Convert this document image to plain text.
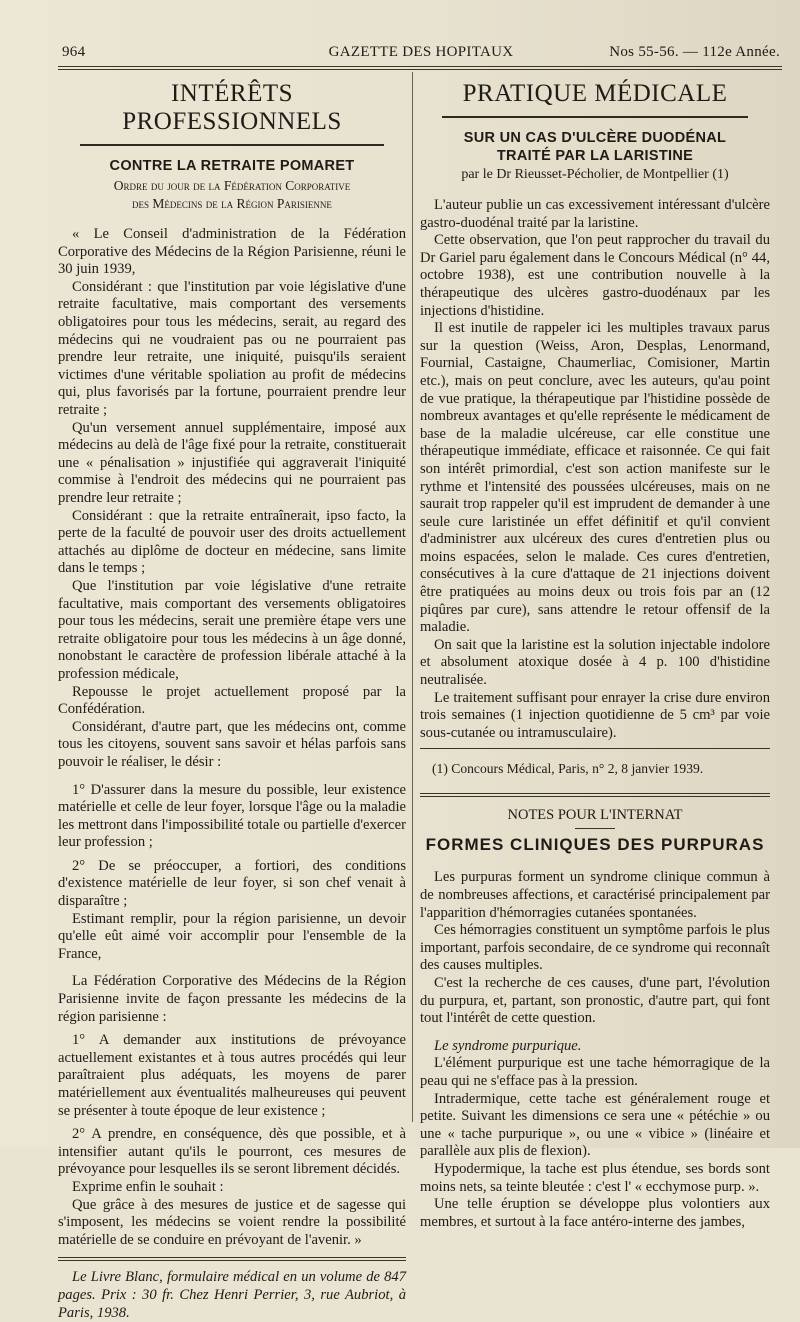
964	GAZETTE DES HOPITAUX	Nos 55-56. — 112e Année.
INTÉRÊTS PROFESSIONNELS
CONTRE LA RETRAITE POMARET
Ordre du jour de la Fédération Corporative
des Médecins de la Région Parisienne

« Le Conseil d'administration de la Fédération Corporative des Médecins de la Région Parisienne, réuni le 30 juin 1939,

Considérant : que l'institution par voie législative d'une retraite facultative, mais comportant des versements obligatoires pour tous les médecins, serait, au regard des médecins qui ne voudraient pas ou ne pourraient pas prendre leur retraite, une iniquité, puisqu'ils seraient victimes d'une véritable spoliation au profit de médecins qui, plus favorisés par la fortune, pourraient prendre leur retraite ;

Qu'un versement annuel supplémentaire, imposé aux médecins au delà de l'âge fixé pour la retraite, constituerait une « pénalisation » injustifiée qui aggraverait l'iniquité commise à l'endroit des médecins qui ne pourraient pas prendre leur retraite ;

Considérant : que la retraite entraînerait, ipso facto, la perte de la faculté de pouvoir user des droits actuellement attachés au diplôme de docteur en médecine, sans limite dans le temps ;

Que l'institution par voie législative d'une retraite facultative, mais comportant des versements obligatoires pour tous les médecins, serait une première étape vers une retraite obligatoire pour tous les médecins à un âge donné, nonobstant le caractère de profession libérale attaché à la profession médicale,

Repousse le projet actuellement proposé par la Confédération.

Considérant, d'autre part, que les médecins ont, comme tous les citoyens, souvent sans savoir et hélas parfois sans pouvoir le réaliser, le désir :

1° D'assurer dans la mesure du possible, leur existence matérielle et celle de leur foyer, lorsque l'âge ou la maladie les mettront dans l'impossibilité totale ou partielle d'exercer leur profession ;

2° De se préoccuper, a fortiori, des conditions d'existence matérielle de leur foyer, si son chef venait à disparaître ;

Estimant remplir, pour la région parisienne, un devoir qu'elle eût aimé voir accomplir pour l'ensemble de la France,

La Fédération Corporative des Médecins de la Région Parisienne invite de façon pressante les médecins de la région parisienne :

1° A demander aux institutions de prévoyance actuellement existantes et à tous autres procédés qui leur paraîtraient plus adéquats, les moyens de parer matériellement aux éventualités malheureuses qui peuvent se présenter à toute époque de leur existence ;

2° A prendre, en conséquence, dès que possible, et à intensifier autant qu'ils le pourront, ces mesures de prévoyance pour lesquelles ils se seront librement décidés.

Exprime enfin le souhait :

Que grâce à des mesures de justice et de sagesse qui s'imposent, les médecins se voient rendre la possibilité matérielle de se conduire en prévoyant de l'avenir. »

Le Livre Blanc, formulaire médical en un volume de 847 pages. Prix : 30 fr. Chez Henri Perrier, 3, rue Aubriot, à Paris, 1938.

PRATIQUE MÉDICALE
SUR UN CAS D'ULCÈRE DUODÉNAL
TRAITÉ PAR LA LARISTINE
par le Dr Rieusset-Pécholier, de Montpellier (1)

L'auteur publie un cas excessivement intéressant d'ulcère gastro-duodénal traité par la laristine.

Cette observation, que l'on peut rapprocher du travail du Dr Gariel paru également dans le Concours Médical (n° 44, octobre 1938), est une contribution nouvelle à la thérapeutique des ulcères gastro-duodénaux par les injections d'histidine.

Il est inutile de rappeler ici les multiples travaux parus sur la question (Weiss, Aron, Desplas, Lenormand, Fournial, Castaigne, Chaumerliac, Comisioner, Martin etc.), mais on peut conclure, avec les auteurs, qu'au point de vue pratique, la thérapeutique par l'histidine possède de nombreux avantages et qu'elle représente le médicament de base de la maladie ulcéreuse, car elle constitue une thérapeutique immédiate, efficace et raisonnée. Ce qui fait son intérêt primordial, c'est son action manifeste sur le rythme et l'intensité des poussées ulcéreuses, mais on ne saurait trop rappeler qu'il est imprudent de demander à une seule cure laristinée un effet définitif et qu'il convient d'administrer aux ulcéreux des cures d'entretien plus ou moins espacées, selon le malade. Ces cures d'entretien, consécutives à la cure d'attaque de 21 injections doivent être pratiquées au moins deux ou trois fois par an (12 piqûres par cure), sans attendre le retour offensif de la maladie.

On sait que la laristine est la solution injectable indolore et absolument atoxique dosée à 4 p. 100 d'histidine neutralisée.

Le traitement suffisant pour enrayer la crise dure environ trois semaines (1 injection quotidienne de 5 cm³ par voie sous-cutanée ou intramusculaire).

(1) Concours Médical, Paris, n° 2, 8 janvier 1939.
NOTES POUR L'INTERNAT
FORMES CLINIQUES DES PURPURAS

Les purpuras forment un syndrome clinique commun à de nombreuses affections, et caractérisé principalement par l'apparition d'hémorragies cutanées spontanées.

Ces hémorragies constituent un symptôme parfois le plus important, parfois secondaire, de ce syndrome qui reconnaît des causes multiples.

C'est la recherche de ces causes, d'une part, l'évolution du purpura, et, partant, son pronostic, d'autre part, qui font tout l'intérêt de cette question.

Le syndrome purpurique.

L'élément purpurique est une tache hémorragique de la peau qui ne s'efface pas à la pression.

Intradermique, cette tache est généralement rouge et petite. Suivant les dimensions ce sera une « pétéchie » ou une « tache purpurique », ou une « vibice » (linéaire et parallèle aux plis de flexion).

Hypodermique, la tache est plus étendue, ses bords sont moins nets, sa teinte bleutée : c'est l' « ecchymose purp. ».

Une telle éruption se développe plus volontiers aux membres, et surtout à la face antéro-interne des jambes,
